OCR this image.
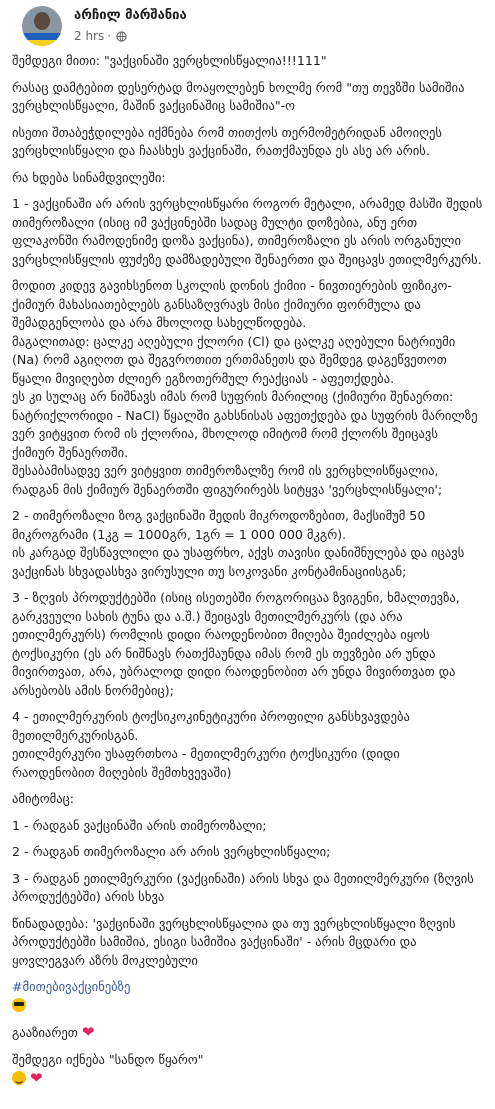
არჩილ მარშანია
2 hrs ·

შემდეგი მითი: "ვაქცინაში ვერცხლისწყალია!!!111"

რასაც დამტებით დესერტად მოაყოლებენ ხოლმე რომ "თუ თევზში სამიშია ვერცხლისწყალი, მაშინ ვაქცინაშიც სამიშია"-ო

ისეთი შთაბეჭდილება იქმნება რომ თითქოს თერმომეტრიდან ამოიღეს ვერცხლისწყალი და ჩაასხეს ვაქცინაში, რათქმაუნდა ეს ასე არ არის.

რა ხდება სინამდვილეში:

1 - ვაქცინაში არ არის ვერცხლისწყარი როგორ მეტალი, არამედ მასში შედის თიმეროზალი (ისიც იმ ვაქცინებში სადაც მულტი დოზებია, ანუ ერთ ფლაკონში რამოდენიმე დოზა ვაქცინა), თიმეროზალი ეს არის ორგანული ვერცხლისწყლის ფუძეზე დამზადებული შენაერთი და შეიცავს ეთილმერკურს.

მოდით კიდევ გავიხსენოთ სკოლის დონის ქიმიი - ნივთიერების ფიზიკო-ქიმიურ მახასიათებლებს განსაზღვრავს მისი ქიმიური ფორმულა და შემადგენლობა და არა მხოლოდ სახელწოდება.

მაგალითად: ცალკე აღებული ქლორი (Cl) და ცალკე აღებული ნატრიუმი (Na) რომ აგიღოთ და შეგვროთით ერთმანეთს და შემდეგ დაგეწვეთოთ წყალი მივიღებთ ძლიერ ეგზოთერმულ რეაქციას - აფეთქდება.

ეს კი სულაც არ ნიშნავს იმას რომ სუფრის მარილიც (ქიმიური შენაერთი: ნატრიქლორიდი - NaCl) წყალში გახსნისას აფეთქდება და სუფრის მარილზე ვერ ვიტყვით რომ ის ქლორია, მხოლოდ იმიტომ რომ ქლორს შეიცავს ქიმიურ შენაერთში.

შესაბამისადვე ვერ ვიტყვით თიმეროზალზე რომ ის ვერცხლისწყალია, რადგან მის ქიმიურ შენაერთში ფიგურირებს სიტყვა 'ვერცხლისწყალი';

2 - თიმეროზალი ზოგ ვაქცინაში შედის მიკროდოზებით, მაქსიმუმ 50 მიკროგრამი (1კგ = 1000გრ, 1გრ = 1 000 000 მკგრ).
ის კარგად შესწავლილი და უსაფრხო, აქვს თავისი დანიშნულება და იცავს ვაქცინას სხვადასხვა ვირუსული თუ სოკოვანი კონტამინაციისგან;

3 - ზღვის პროდუქტებში (ისიც ისეთებში როგორიცაა ზვიგენი, ხმალთევზა, გარკვეული სახის ტუნა და ა.შ.) შეიცავს მეთილმერკურს (და არა ეთილმერკურს) რომლის დიდი რაოდენობით მიღება შეიძლება იყოს ტოქსიკური (ეს არ ნიშნავს რათქმაუნდა იმას რომ ეს თევზები არ უნდა მივირთვათ, არა, უბრალოდ დიდი რაოდენობით არ უნდა მივირთვათ და არსებობს ამის ნორმებიც);

4 - ეთილმერკურის ტოქსიკოკინეტიკური პროფილი განსხვავდება მეთილმერკურისგან.
ეთილმერკური უსაფრთხოა - მეთილმერკური ტოქსიკური (დიდი რაოდენობით მიღების შემთხვევაში)

ამიტომაც:

1 - რადგან ვაქცინაში არის თიმეროზალი;

2 - რადგან თიმეროზალი არ არის ვერცხლისწყალი;

3 - რადგან ეთილმერკური (ვაქცინაში) არის სხვა და მეთილმერკური (ზღვის პროდუქტებში) არის სხვა

წინადადება: 'ვაქცინაში ვერცხლისწყალია და თუ ვერცხლისწყალი ზღვის პროდუქტებში სამიშია, ესიგი სამიშია ვაქცინაში' - არის მცდარი და ყოვლეგვარ აზრს მოკლებული

#მითებივაქცინებზე

გააზიარეთ ❤

შემდეგი იქნება "სანდო წყარო"

❤
